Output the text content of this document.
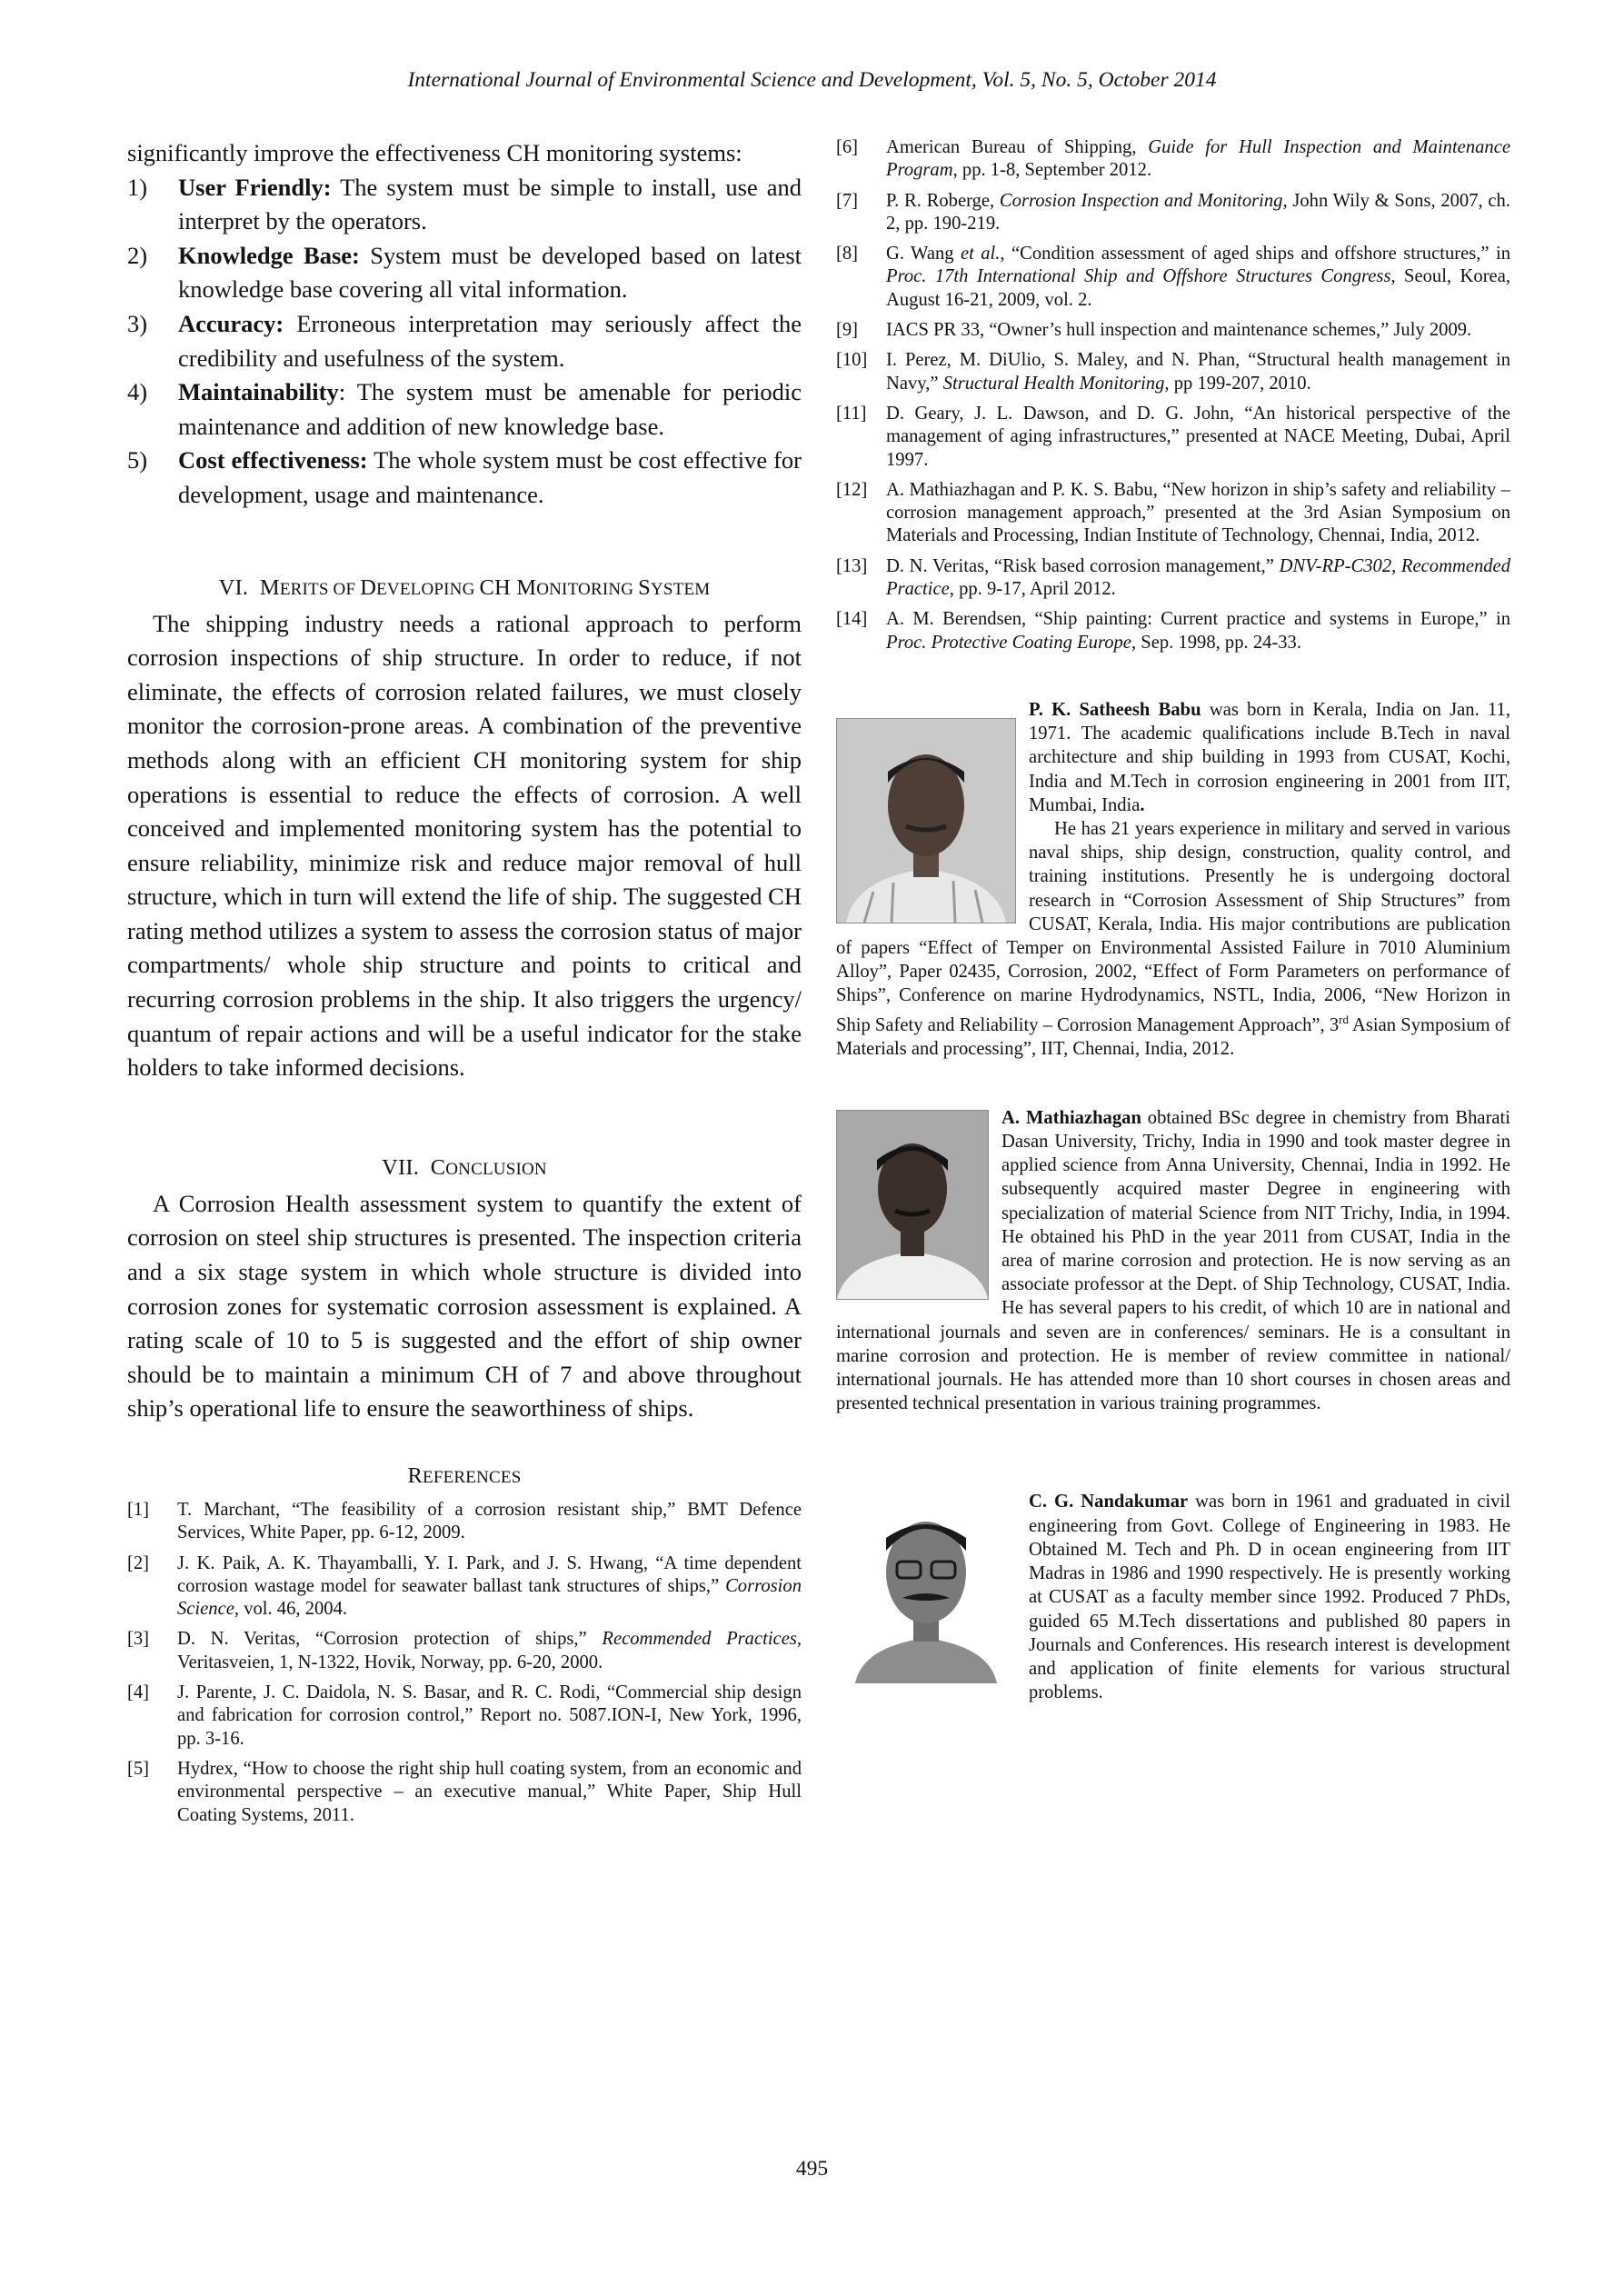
International Journal of Environmental Science and Development, Vol. 5, No. 5, October 2014

significantly improve the effectiveness CH monitoring systems:

1) User Friendly: The system must be simple to install, use and interpret by the operators.
2) Knowledge Base: System must be developed based on latest knowledge base covering all vital information.
3) Accuracy: Erroneous interpretation may seriously affect the credibility and usefulness of the system.
4) Maintainability: The system must be amenable for periodic maintenance and addition of new knowledge base.
5) Cost effectiveness: The whole system must be cost effective for development, usage and maintenance.
VI. MERITS OF DEVELOPING CH MONITORING SYSTEM

The shipping industry needs a rational approach to perform corrosion inspections of ship structure. In order to reduce, if not eliminate, the effects of corrosion related failures, we must closely monitor the corrosion-prone areas. A combination of the preventive methods along with an efficient CH monitoring system for ship operations is essential to reduce the effects of corrosion. A well conceived and implemented monitoring system has the potential to ensure reliability, minimize risk and reduce major removal of hull structure, which in turn will extend the life of ship. The suggested CH rating method utilizes a system to assess the corrosion status of major compartments/ whole ship structure and points to critical and recurring corrosion problems in the ship. It also triggers the urgency/ quantum of repair actions and will be a useful indicator for the stake holders to take informed decisions.

VII. CONCLUSION

A Corrosion Health assessment system to quantify the extent of corrosion on steel ship structures is presented. The inspection criteria and a six stage system in which whole structure is divided into corrosion zones for systematic corrosion assessment is explained. A rating scale of 10 to 5 is suggested and the effort of ship owner should be to maintain a minimum CH of 7 and above throughout ship’s operational life to ensure the seaworthiness of ships.

REFERENCES
[1] T. Marchant, “The feasibility of a corrosion resistant ship,” BMT Defence Services, White Paper, pp. 6-12, 2009.
[2] J. K. Paik, A. K. Thayamballi, Y. I. Park, and J. S. Hwang, “A time dependent corrosion wastage model for seawater ballast tank structures of ships,” Corrosion Science, vol. 46, 2004.
[3] D. N. Veritas, “Corrosion protection of ships,” Recommended Practices, Veritasveien, 1, N-1322, Hovik, Norway, pp. 6-20, 2000.
[4] J. Parente, J. C. Daidola, N. S. Basar, and R. C. Rodi, “Commercial ship design and fabrication for corrosion control,” Report no. 5087.ION-I, New York, 1996, pp. 3-16.
[5] Hydrex, “How to choose the right ship hull coating system, from an economic and environmental perspective – an executive manual,” White Paper, Ship Hull Coating Systems, 2011.
[6] American Bureau of Shipping, Guide for Hull Inspection and Maintenance Program, pp. 1-8, September 2012.
[7] P. R. Roberge, Corrosion Inspection and Monitoring, John Wily & Sons, 2007, ch. 2, pp. 190-219.
[8] G. Wang et al., “Condition assessment of aged ships and offshore structures,” in Proc. 17th International Ship and Offshore Structures Congress, Seoul, Korea, August 16-21, 2009, vol. 2.
[9] IACS PR 33, “Owner’s hull inspection and maintenance schemes,” July 2009.
[10] I. Perez, M. DiUlio, S. Maley, and N. Phan, “Structural health management in Navy,” Structural Health Monitoring, pp 199-207, 2010.
[11] D. Geary, J. L. Dawson, and D. G. John, “An historical perspective of the management of aging infrastructures,” presented at NACE Meeting, Dubai, April 1997.
[12] A. Mathiazhagan and P. K. S. Babu, “New horizon in ship’s safety and reliability – corrosion management approach,” presented at the 3rd Asian Symposium on Materials and Processing, Indian Institute of Technology, Chennai, India, 2012.
[13] D. N. Veritas, “Risk based corrosion management,” DNV-RP-C302, Recommended Practice, pp. 9-17, April 2012.
[14] A. M. Berendsen, “Ship painting: Current practice and systems in Europe,” in Proc. Protective Coating Europe, Sep. 1998, pp. 24-33.

P. K. Satheesh Babu was born in Kerala, India on Jan. 11, 1971. The academic qualifications include B.Tech in naval architecture and ship building in 1993 from CUSAT, Kochi, India and M.Tech in corrosion engineering in 2001 from IIT, Mumbai, India.

He has 21 years experience in military and served in various naval ships, ship design, construction, quality control, and training institutions. Presently he is undergoing doctoral research in “Corrosion Assessment of Ship Structures” from CUSAT, Kerala, India. His major contributions are publication of papers “Effect of Temper on Environmental Assisted Failure in 7010 Aluminium Alloy”, Paper 02435, Corrosion, 2002, “Effect of Form Parameters on performance of Ships”, Conference on marine Hydrodynamics, NSTL, India, 2006, “New Horizon in Ship Safety and Reliability – Corrosion Management Approach”, 3rd Asian Symposium of Materials and processing”, IIT, Chennai, India, 2012.

A. Mathiazhagan obtained BSc degree in chemistry from Bharati Dasan University, Trichy, India in 1990 and took master degree in applied science from Anna University, Chennai, India in 1992. He subsequently acquired master Degree in engineering with specialization of material Science from NIT Trichy, India, in 1994. He obtained his PhD in the year 2011 from CUSAT, India in the area of marine corrosion and protection. He is now serving as an associate professor at the Dept. of Ship Technology, CUSAT, India. He has several papers to his credit, of which 10 are in national and international journals and seven are in conferences/ seminars. He is a consultant in marine corrosion and protection. He is member of review committee in national/ international journals. He has attended more than 10 short courses in chosen areas and presented technical presentation in various training programmes.

C. G. Nandakumar was born in 1961 and graduated in civil engineering from Govt. College of Engineering in 1983. He Obtained M. Tech and Ph. D in ocean engineering from IIT Madras in 1986 and 1990 respectively. He is presently working at CUSAT as a faculty member since 1992. Produced 7 PhDs, guided 65 M.Tech dissertations and published 80 papers in Journals and Conferences. His research interest is development and application of finite elements for various structural problems.

495
